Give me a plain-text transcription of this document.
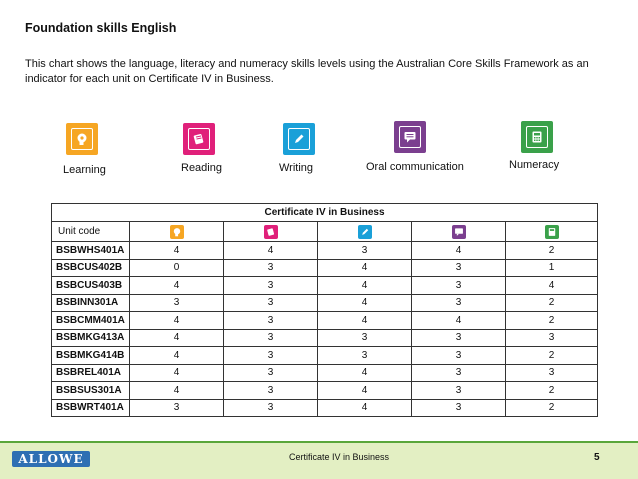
Foundation skills English
This chart shows the language, literacy and numeracy skills levels using the Australian Core Skills Framework as an indicator for each unit on Certificate IV in Business.
Learning	Reading	Writing	Oral communication	Numeracy
Certificate IV in Business					
Unit code	

BSBWHS401A	4	4	3	4	2
BSBCUS402B	0	3	4	3	1
BSBCUS403B	4	3	4	3	4
BSBINN301A	3	3	4	3	2
BSBCMM401A	4	3	4	4	2
BSBMKG413A	4	3	3	3	3
BSBMKG414B	4	3	3	3	2
BSBREL401A	4	3	4	3	3
BSBSUS301A	4	3	4	3	2
BSBWRT401A	3	3	4	3	2
ALLOWE	Certificate IV in Business	5
